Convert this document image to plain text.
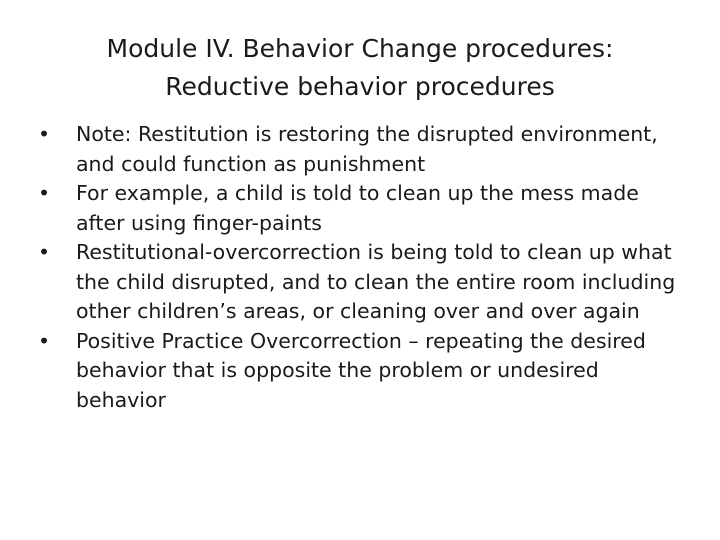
Module IV. Behavior Change procedures:
Reductive behavior procedures
•	Note: Restitution is restoring the disrupted environment, and could function as punishment
•	For example, a child is told to clean up the mess made after using finger-paints
•	Restitutional-overcorrection is being told to clean up what the child disrupted, and to clean the entire room including other children’s areas, or cleaning over and over again
•	Positive Practice Overcorrection – repeating the desired behavior that is opposite the problem or undesired behavior
